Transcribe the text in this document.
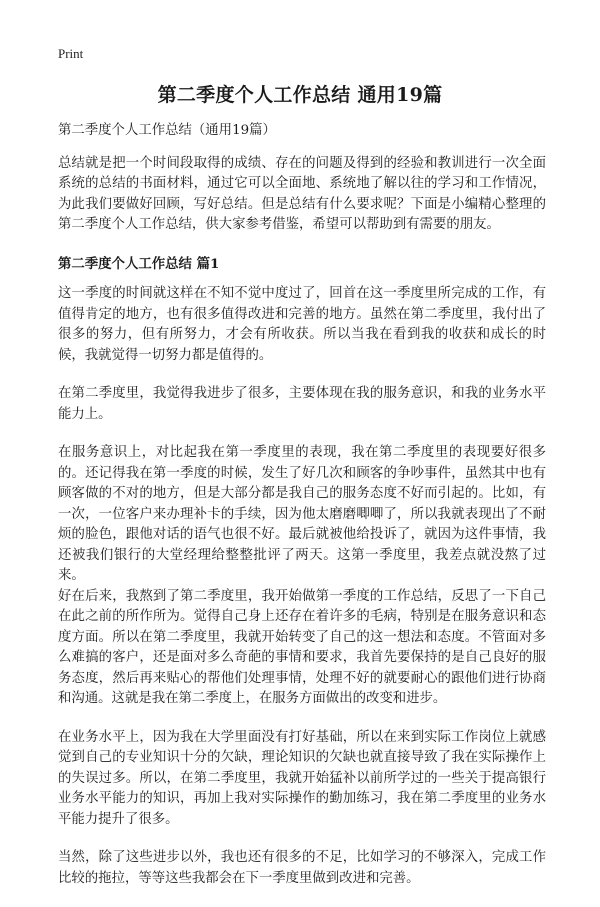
Print
第二季度个人工作总结 通用19篇

第二季度个人工作总结（通用19篇）

总结就是把一个时间段取得的成绩、存在的问题及得到的经验和教训进行一次全面系统的总结的书面材料，通过它可以全面地、系统地了解以往的学习和工作情况，为此我们要做好回顾，写好总结。但是总结有什么要求呢？下面是小编精心整理的第二季度个人工作总结，供大家参考借鉴，希望可以帮助到有需要的朋友。

第二季度个人工作总结 篇1

这一季度的时间就这样在不知不觉中度过了，回首在这一季度里所完成的工作，有值得肯定的地方，也有很多值得改进和完善的地方。虽然在第二季度里，我付出了很多的努力，但有所努力，才会有所收获。所以当我在看到我的收获和成长的时候，我就觉得一切努力都是值得的。

在第二季度里，我觉得我进步了很多，主要体现在我的服务意识，和我的业务水平能力上。

在服务意识上，对比起我在第一季度里的表现，我在第二季度里的表现要好很多的。还记得我在第一季度的时候，发生了好几次和顾客的争吵事件，虽然其中也有顾客做的不对的地方，但是大部分都是我自己的服务态度不好而引起的。比如，有一次，一位客户来办理补卡的手续，因为他太磨磨唧唧了，所以我就表现出了不耐烦的脸色，跟他对话的语气也很不好。最后就被他给投诉了，就因为这件事情，我还被我们银行的大堂经理给整整批评了两天。这第一季度里，我差点就没熬了过来。

好在后来，我熬到了第二季度里，我开始做第一季度的工作总结，反思了一下自己在此之前的所作所为。觉得自己身上还存在着许多的毛病，特别是在服务意识和态度方面。所以在第二季度里，我就开始转变了自己的这一想法和态度。不管面对多么难搞的客户，还是面对多么奇葩的事情和要求，我首先要保持的是自己良好的服务态度，然后再来贴心的帮他们处理事情，处理不好的就要耐心的跟他们进行协商和沟通。这就是我在第二季度上，在服务方面做出的改变和进步。

在业务水平上，因为我在大学里面没有打好基础，所以在来到实际工作岗位上就感觉到自己的专业知识十分的欠缺，理论知识的欠缺也就直接导致了我在实际操作上的失误过多。所以，在第二季度里，我就开始猛补以前所学过的一些关于提高银行业务水平能力的知识，再加上我对实际操作的勤加练习，我在第二季度里的业务水平能力提升了很多。

当然，除了这些进步以外，我也还有很多的不足，比如学习的不够深入，完成工作比较的拖拉，等等这些我都会在下一季度里做到改进和完善。
